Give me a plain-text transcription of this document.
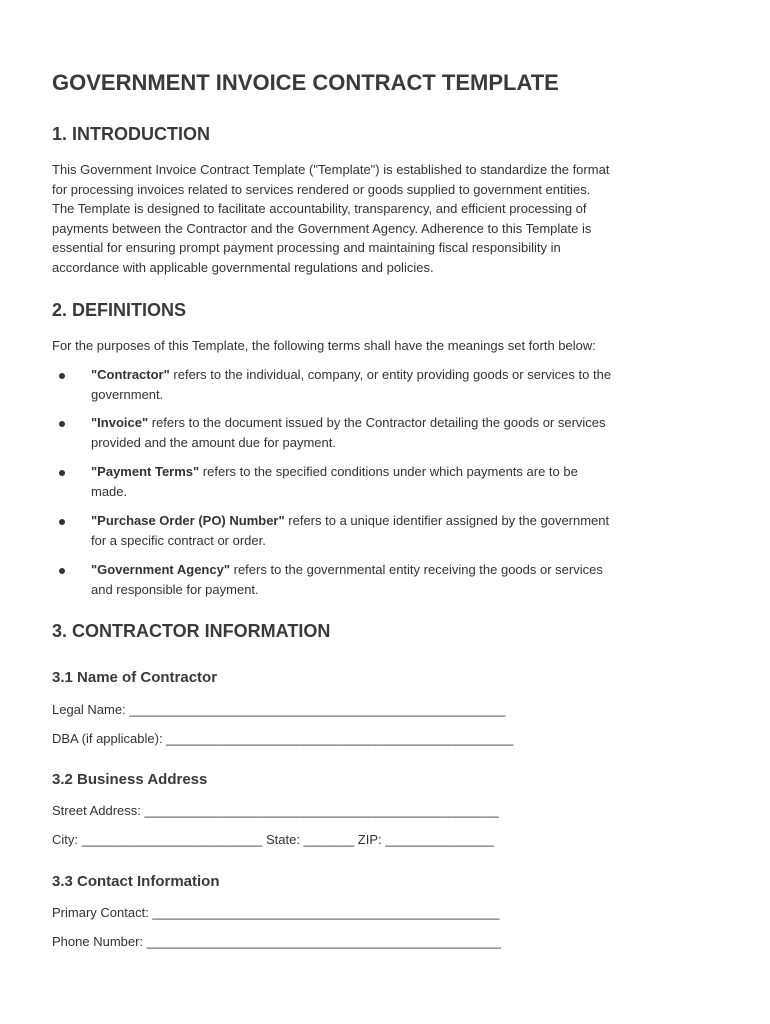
GOVERNMENT INVOICE CONTRACT TEMPLATE
1. INTRODUCTION
This Government Invoice Contract Template ("Template") is established to standardize the format
for processing invoices related to services rendered or goods supplied to government entities.
The Template is designed to facilitate accountability, transparency, and efficient processing of
payments between the Contractor and the Government Agency. Adherence to this Template is
essential for ensuring prompt payment processing and maintaining fiscal responsibility in
accordance with applicable governmental regulations and policies.
2. DEFINITIONS
For the purposes of this Template, the following terms shall have the meanings set forth below:
"Contractor" refers to the individual, company, or entity providing goods or services to the
government.
"Invoice" refers to the document issued by the Contractor detailing the goods or services
provided and the amount due for payment.
"Payment Terms" refers to the specified conditions under which payments are to be
made.
"Purchase Order (PO) Number" refers to a unique identifier assigned by the government
for a specific contract or order.
"Government Agency" refers to the governmental entity receiving the goods or services
and responsible for payment.
3. CONTRACTOR INFORMATION
3.1 Name of Contractor
Legal Name: ____________________________________________________
DBA (if applicable): ________________________________________________
3.2 Business Address
Street Address: _________________________________________________
City: _________________________ State: _______ ZIP: _______________
3.3 Contact Information
Primary Contact: ________________________________________________
Phone Number: _________________________________________________
